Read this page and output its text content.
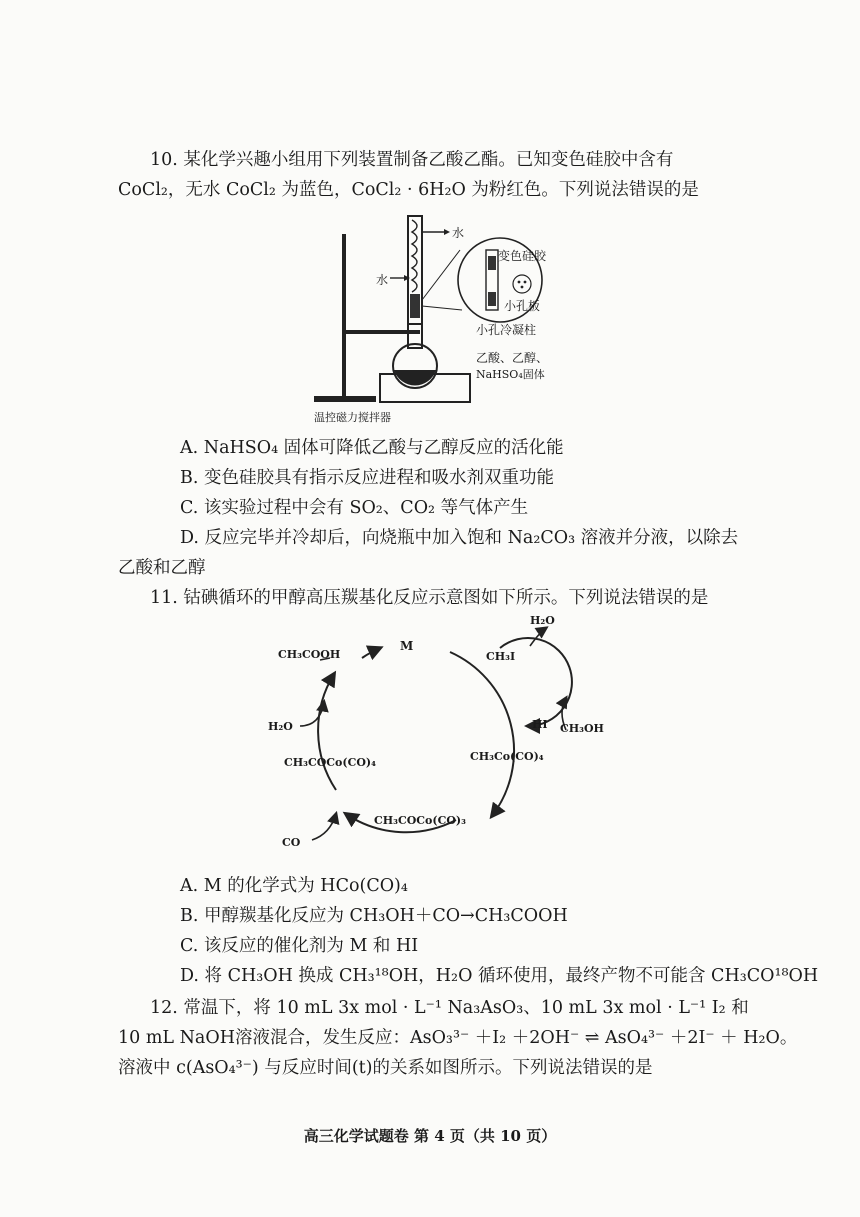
10. 某化学兴趣小组用下列装置制备乙酸乙酯。已知变色硅胶中含有
CoCl₂，无水 CoCl₂ 为蓝色，CoCl₂ · 6H₂O 为粉红色。下列说法错误的是
水
水
温控磁力搅拌器
变色硅胶
小孔板
小孔冷凝柱
乙酸、乙醇、
NaHSO₄固体
A. NaHSO₄ 固体可降低乙酸与乙醇反应的活化能
B. 变色硅胶具有指示反应进程和吸水剂双重功能
C. 该实验过程中会有 SO₂、CO₂ 等气体产生
D. 反应完毕并冷却后，向烧瓶中加入饱和 Na₂CO₃ 溶液并分液，以除去
乙酸和乙醇
11. 钴碘循环的甲醇高压羰基化反应示意图如下所示。下列说法错误的是
M
H₂O
CH₃I
HI CH₃OH
CH₃COOH
H₂O
CH₃COCo(CO)₄	CH₃Co(CO)₄
CH₃COCo(CO)₃
CO
A. M 的化学式为 HCo(CO)₄
B. 甲醇羰基化反应为 CH₃OH＋CO→CH₃COOH
C. 该反应的催化剂为 M 和 HI
D. 将 CH₃OH 换成 CH₃¹⁸OH，H₂O 循环使用，最终产物不可能含 CH₃CO¹⁸OH
12. 常温下，将 10 mL 3x mol · L⁻¹ Na₃AsO₃、10 mL 3x mol · L⁻¹ I₂ 和
10 mL NaOH溶液混合，发生反应：AsO₃³⁻ ＋I₂ ＋2OH⁻ ⇌ AsO₄³⁻ ＋2I⁻ ＋ H₂O。
溶液中 c(AsO₄³⁻) 与反应时间(t)的关系如图所示。下列说法错误的是
高三化学试题卷 第 4 页（共 10 页）
